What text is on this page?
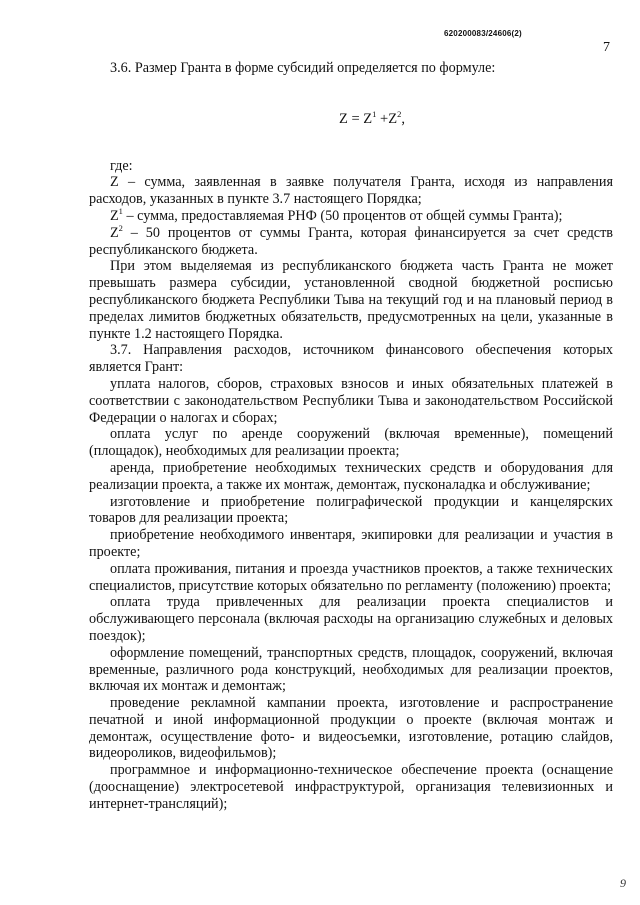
620200083/24606(2)
7

3.6. Размер Гранта в форме субсидий определяется по формуле:

$Z = Z^1 +Z^2$,

где:

Z – сумма, заявленная в заявке получателя Гранта, исходя из направления расходов, указанных в пункте 3.7 настоящего Порядка;

$Z^1$ – сумма, предоставляемая РНФ (50 процентов от общей суммы Гранта);

$Z^2 - 50$ процентов от суммы Гранта, которая финансируется за счет средств республиканского бюджета.

При этом выделяемая из республиканского бюджета часть Гранта не может превышать размера субсидии, установленной сводной бюджетной росписью республиканского бюджета Республики Тыва на текущий год и на плановый период в пределах лимитов бюджетных обязательств, предусмотренных на цели, указанные в пункте 1.2 настоящего Порядка.

3.7. Направления расходов, источником финансового обеспечения которых является Грант:

уплата налогов, сборов, страховых взносов и иных обязательных платежей в соответствии с законодательством Республики Тыва и законодательством Российской Федерации о налогах и сборах;

оплата услуг по аренде сооружений (включая временные), помещений (площадок), необходимых для реализации проекта;

аренда, приобретение необходимых технических средств и оборудования для реализации проекта, а также их монтаж, демонтаж, пусконаладка и обслуживание;

изготовление и приобретение полиграфической продукции и канцелярских товаров для реализации проекта;

приобретение необходимого инвентаря, экипировки для реализации и участия в проекте;

оплата проживания, питания и проезда участников проектов, а также технических специалистов, присутствие которых обязательно по регламенту (положению) проекта;

оплата труда привлеченных для реализации проекта специалистов и обслуживающего персонала (включая расходы на организацию служебных и деловых поездок);

оформление помещений, транспортных средств, площадок, сооружений, включая временные, различного рода конструкций, необходимых для реализации проектов, включая их монтаж и демонтаж;

проведение рекламной кампании проекта, изготовление и распространение печатной и иной информационной продукции о проекте (включая монтаж и демонтаж, осуществление фото- и видеосъемки, изготовление, ротацию слайдов, видеороликов, видеофильмов);

программное и информационно-техническое обеспечение проекта (оснащение (дооснащение) электросетевой инфраструктурой, организация телевизионных и интернет-трансляций);

9
